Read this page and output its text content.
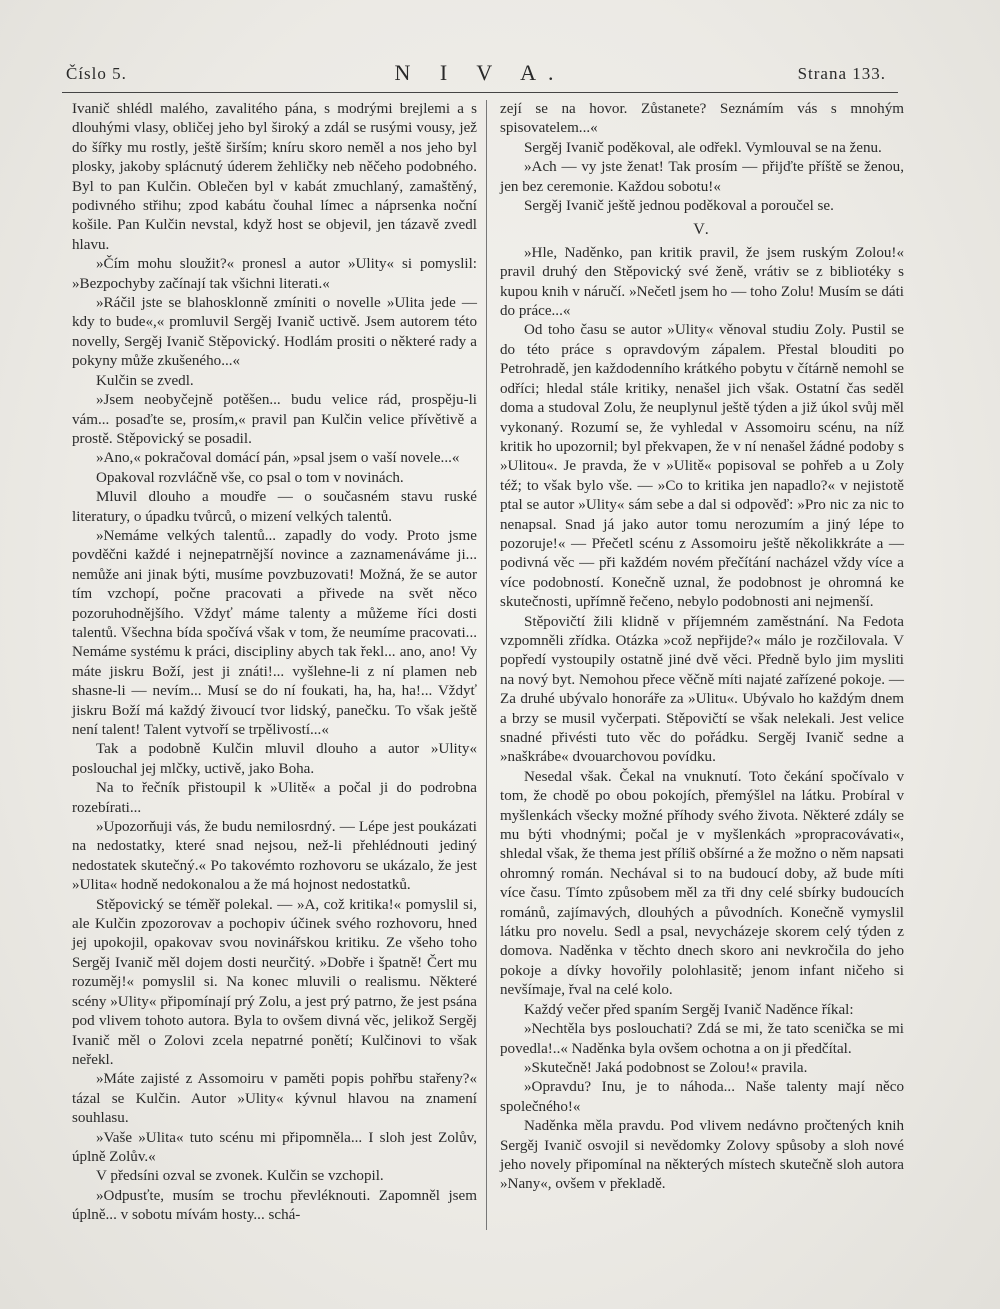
Číslo 5.	N I V A.	Strana 133.

Ivanič shlédl malého, zavalitého pána, s modrými brejlemi a s dlouhými vlasy, obličej jeho byl široký a zdál se rusými vousy, jež do šířky mu rostly, ještě širším; kníru skoro neměl a nos jeho byl plosky, jakoby splácnutý úderem žehličky neb něčeho podobného. Byl to pan Kulčin. Oblečen byl v kabát zmuchlaný, zamaštěný, podivného střihu; zpod kabátu čouhal límec a náprsenka noční košile. Pan Kulčin nevstal, když host se objevil, jen tázavě zvedl hlavu.

»Čím mohu sloužit?« pronesl a autor »Ulity« si pomyslil: »Bezpochyby začínají tak všichni literati.«

»Ráčil jste se blahosklonně zmíniti o novelle »Ulita jede — kdy to bude«,« promluvil Sergěj Ivanič uctivě. Jsem autorem této novelly, Sergěj Ivanič Stěpovický. Hodlám prositi o některé rady a pokyny může zkušeného...«

Kulčin se zvedl.

»Jsem neobyčejně potěšen... budu velice rád, prospěju-li vám... posaďte se, prosím,« pravil pan Kulčin velice přívětivě a prostě. Stěpovický se posadil.

»Ano,« pokračoval domácí pán, »psal jsem o vaší novele...«

Opakoval rozvláčně vše, co psal o tom v novinách.

Mluvil dlouho a moudře — o současném stavu ruské literatury, o úpadku tvůrců, o mizení velkých talentů.

»Nemáme velkých talentů... zapadly do vody. Proto jsme povděčni každé i nejnepatrnější novince a zaznamenáváme ji... nemůže ani jinak býti, musíme povzbuzovati! Možná, že se autor tím vzchopí, počne pracovati a přivede na svět něco pozoruhodnějšího. Vždyť máme talenty a můžeme říci dosti talentů. Všechna bída spočívá však v tom, že neumíme pracovati... Nemáme systému k práci, discipliny abych tak řekl... ano, ano! Vy máte jiskru Boží, jest ji znáti!... vyšlehne-li z ní plamen neb shasne-li — nevím... Musí se do ní foukati, ha, ha, ha!... Vždyť jiskru Boží má každý živoucí tvor lidský, panečku. To však ještě není talent! Talent vytvoří se trpělivostí...«

Tak a podobně Kulčin mluvil dlouho a autor »Ulity« poslouchal jej mlčky, uctivě, jako Boha.

Na to řečník přistoupil k »Ulitě« a počal ji do podrobna rozebírati...

»Upozorňuji vás, že budu nemilosrdný. — Lépe jest poukázati na nedostatky, které snad nejsou, než-li přehlédnouti jediný nedostatek skutečný.« Po takovémto rozhovoru se ukázalo, že jest »Ulita« hodně nedokonalou a že má hojnost nedostatků.

Stěpovický se téměř polekal. — »A, což kritika!« pomyslil si, ale Kulčin zpozorovav a pochopiv účinek svého rozhovoru, hned jej upokojil, opakovav svou novinářskou kritiku. Ze všeho toho Sergěj Ivanič měl dojem dosti neurčitý. »Dobře i špatně! Čert mu rozuměj!« pomyslil si. Na konec mluvili o realismu. Některé scény »Ulity« připomínají prý Zolu, a jest prý patrno, že jest psána pod vlivem tohoto autora. Byla to ovšem divná věc, jelikož Sergěj Ivanič měl o Zolovi zcela nepatrné ponětí; Kulčinovi to však neřekl.

»Máte zajisté z Assomoiru v paměti popis pohřbu stařeny?« tázal se Kulčin. Autor »Ulity« kývnul hlavou na znamení souhlasu.

»Vaše »Ulita« tuto scénu mi připomněla... I sloh jest Zolův, úplně Zolův.«

V předsíni ozval se zvonek. Kulčin se vzchopil.

»Odpusťte, musím se trochu převléknouti. Zapomněl jsem úplně... v sobotu mívám hosty... schá-

zejí se na hovor. Zůstanete? Seznámím vás s mnohým spisovatelem...«

Sergěj Ivanič poděkoval, ale odřekl. Vymlouval se na ženu.

»Ach — vy jste ženat! Tak prosím — přijďte příště se ženou, jen bez ceremonie. Každou sobotu!«

Sergěj Ivanič ještě jednou poděkoval a poroučel se.

V.

»Hle, Naděnko, pan kritik pravil, že jsem ruským Zolou!« pravil druhý den Stěpovický své ženě, vrátiv se z bibliotéky s kupou knih v náručí. »Nečetl jsem ho — toho Zolu! Musím se dáti do práce...«

Od toho času se autor »Ulity« věnoval studiu Zoly. Pustil se do této práce s opravdovým zápalem. Přestal blouditi po Petrohradě, jen každodenního krátkého pobytu v čítárně nemohl se odříci; hledal stále kritiky, nenašel jich však. Ostatní čas seděl doma a studoval Zolu, že neuplynul ještě týden a již úkol svůj měl vykonaný. Rozumí se, že vyhledal v Assomoiru scénu, na níž kritik ho upozornil; byl překvapen, že v ní nenašel žádné podoby s »Ulitou«. Je pravda, že v »Ulitě« popisoval se pohřeb a u Zoly též; to však bylo vše. — »Co to kritika jen napadlo?« v nejistotě ptal se autor »Ulity« sám sebe a dal si odpověď: »Pro nic za nic to nenapsal. Snad já jako autor tomu nerozumím a jiný lépe to pozoruje!« — Přečetl scénu z Assomoiru ještě několikkráte a — podivná věc — při každém novém přečítání nacházel vždy více a více podobností. Konečně uznal, že podobnost je ohromná ke skutečnosti, upřímně řečeno, nebylo podobnosti ani nejmenší.

Stěpovičtí žili klidně v příjemném zaměstnání. Na Fedota vzpomněli zřídka. Otázka »což nepřijde?« málo je rozčilovala. V popředí vystoupily ostatně jiné dvě věci. Předně bylo jim mysliti na nový byt. Nemohou přece věčně míti najaté zařízené pokoje. — Za druhé ubývalo honoráře za »Ulitu«. Ubývalo ho každým dnem a brzy se musil vyčerpati. Stěpovičtí se však nelekali. Jest velice snadné přivésti tuto věc do pořádku. Sergěj Ivanič sedne a »naškrábe« dvouarchovou povídku.

Nesedal však. Čekal na vnuknutí. Toto čekání spočívalo v tom, že chodě po obou pokojích, přemýšlel na látku. Probíral v myšlenkách všecky možné příhody svého života. Některé zdály se mu býti vhodnými; počal je v myšlenkách »propracovávati«, shledal však, že thema jest příliš obšírné a že možno o něm napsati ohromný román. Nechával si to na budoucí doby, až bude míti více času. Tímto způsobem měl za tři dny celé sbírky budoucích románů, zajímavých, dlouhých a původních. Konečně vymyslil látku pro novelu. Sedl a psal, nevycházeje skorem celý týden z domova. Naděnka v těchto dnech skoro ani nevkročila do jeho pokoje a dívky hovořily polohlasitě; jenom infant ničeho si nevšímaje, řval na celé kolo.

Každý večer před spaním Sergěj Ivanič Naděnce říkal:

»Nechtěla bys poslouchati? Zdá se mi, že tato scenička se mi povedla!..« Naděnka byla ovšem ochotna a on ji předčítal.

»Skutečně! Jaká podobnost se Zolou!« pravila.

»Opravdu? Inu, je to náhoda... Naše talenty mají něco společného!«

Naděnka měla pravdu. Pod vlivem nedávno pročtených knih Sergěj Ivanič osvojil si nevědomky Zolovy spůsoby a sloh nové jeho novely připomínal na některých místech skutečně sloh autora »Nany«, ovšem v překladě.
